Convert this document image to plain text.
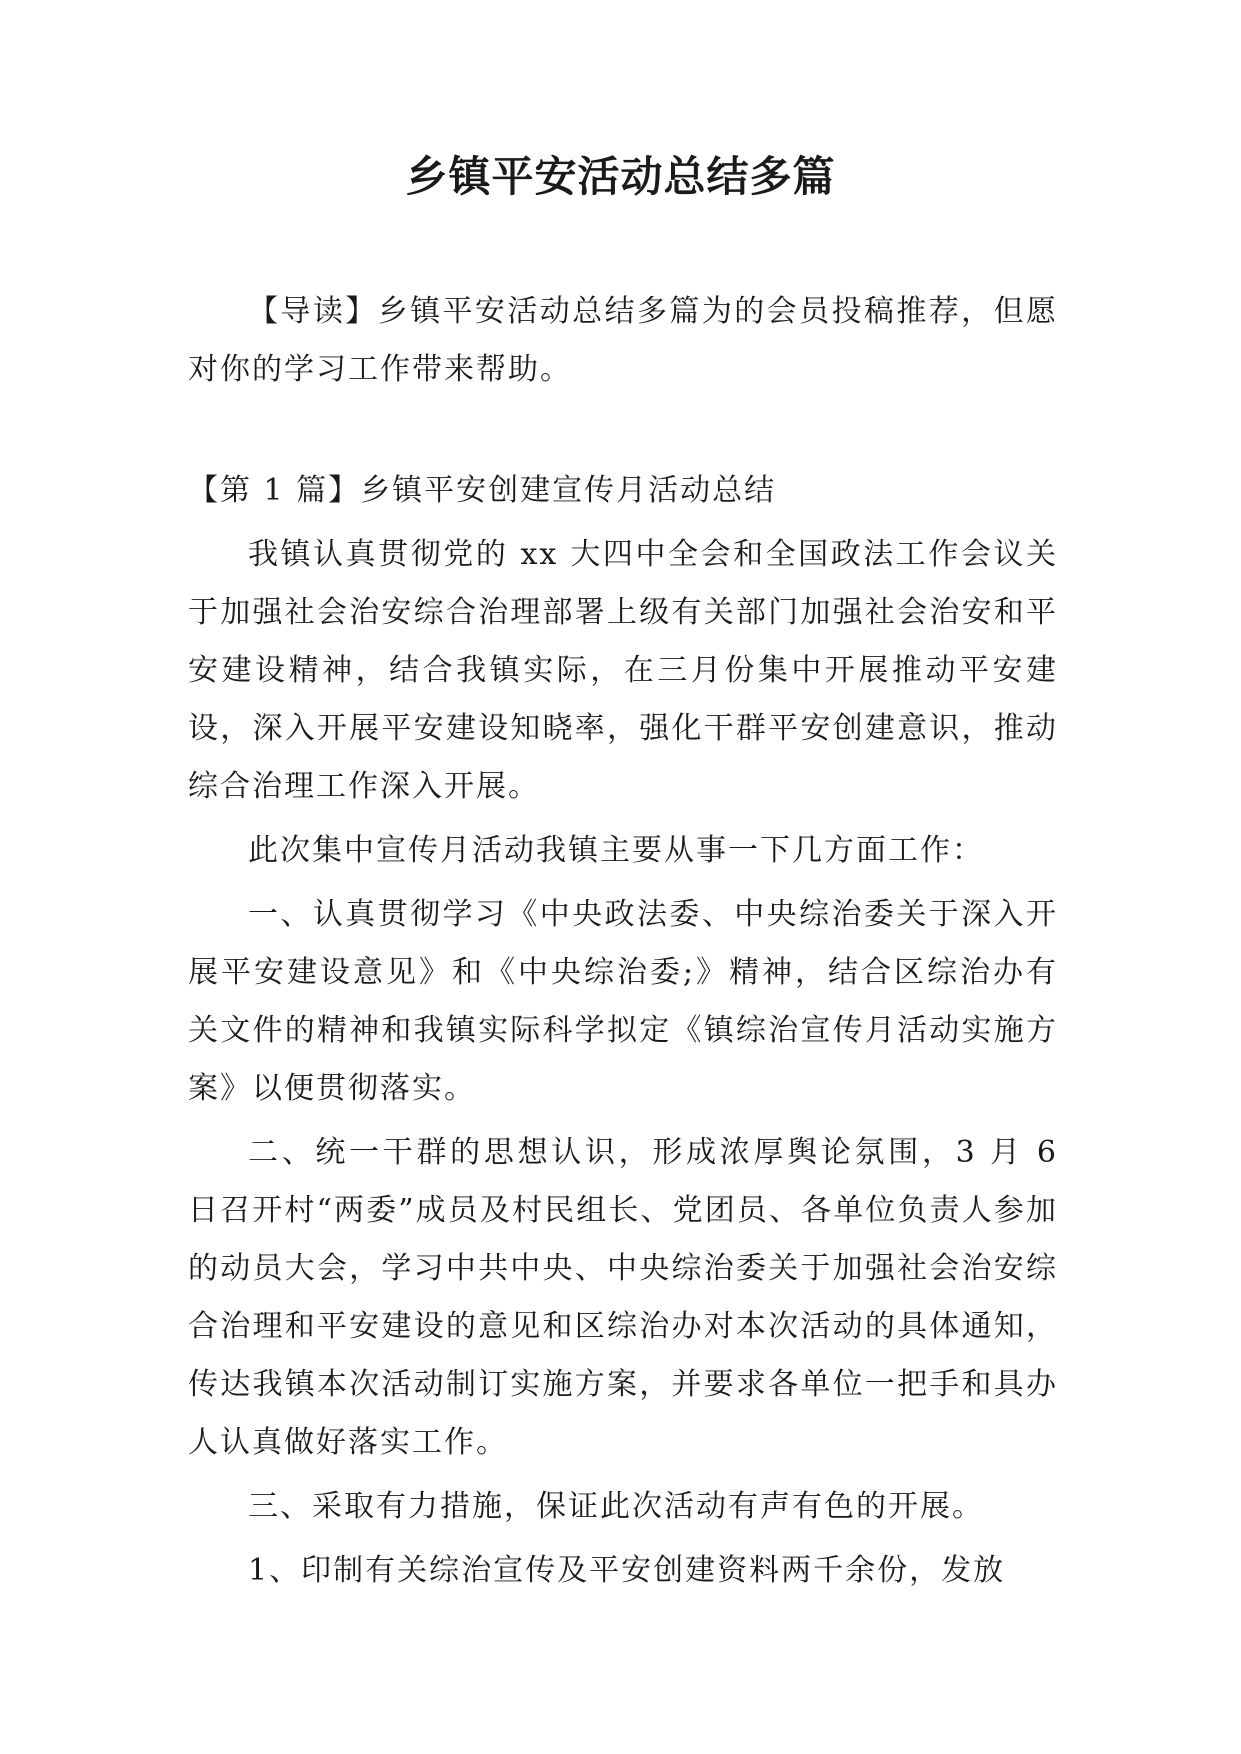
乡镇平安活动总结多篇

【导读】乡镇平安活动总结多篇为的会员投稿推荐，但愿对你的学习工作带来帮助。

【第 1 篇】乡镇平安创建宣传月活动总结

我镇认真贯彻党的 xx 大四中全会和全国政法工作会议关于加强社会治安综合治理部署上级有关部门加强社会治安和平安建设精神，结合我镇实际，在三月份集中开展推动平安建设，深入开展平安建设知晓率，强化干群平安创建意识，推动综合治理工作深入开展。

此次集中宣传月活动我镇主要从事一下几方面工作：

一、认真贯彻学习《中央政法委、中央综治委关于深入开展平安建设意见》和《中央综治委;》精神，结合区综治办有关文件的精神和我镇实际科学拟定《镇综治宣传月活动实施方案》以便贯彻落实。

二、统一干群的思想认识，形成浓厚舆论氛围，3 月 6 日召开村“两委”成员及村民组长、党团员、各单位负责人参加的动员大会，学习中共中央、中央综治委关于加强社会治安综合治理和平安建设的意见和区综治办对本次活动的具体通知，传达我镇本次活动制订实施方案，并要求各单位一把手和具办人认真做好落实工作。

三、采取有力措施，保证此次活动有声有色的开展。

1、印制有关综治宣传及平安创建资料两千余份，发放
